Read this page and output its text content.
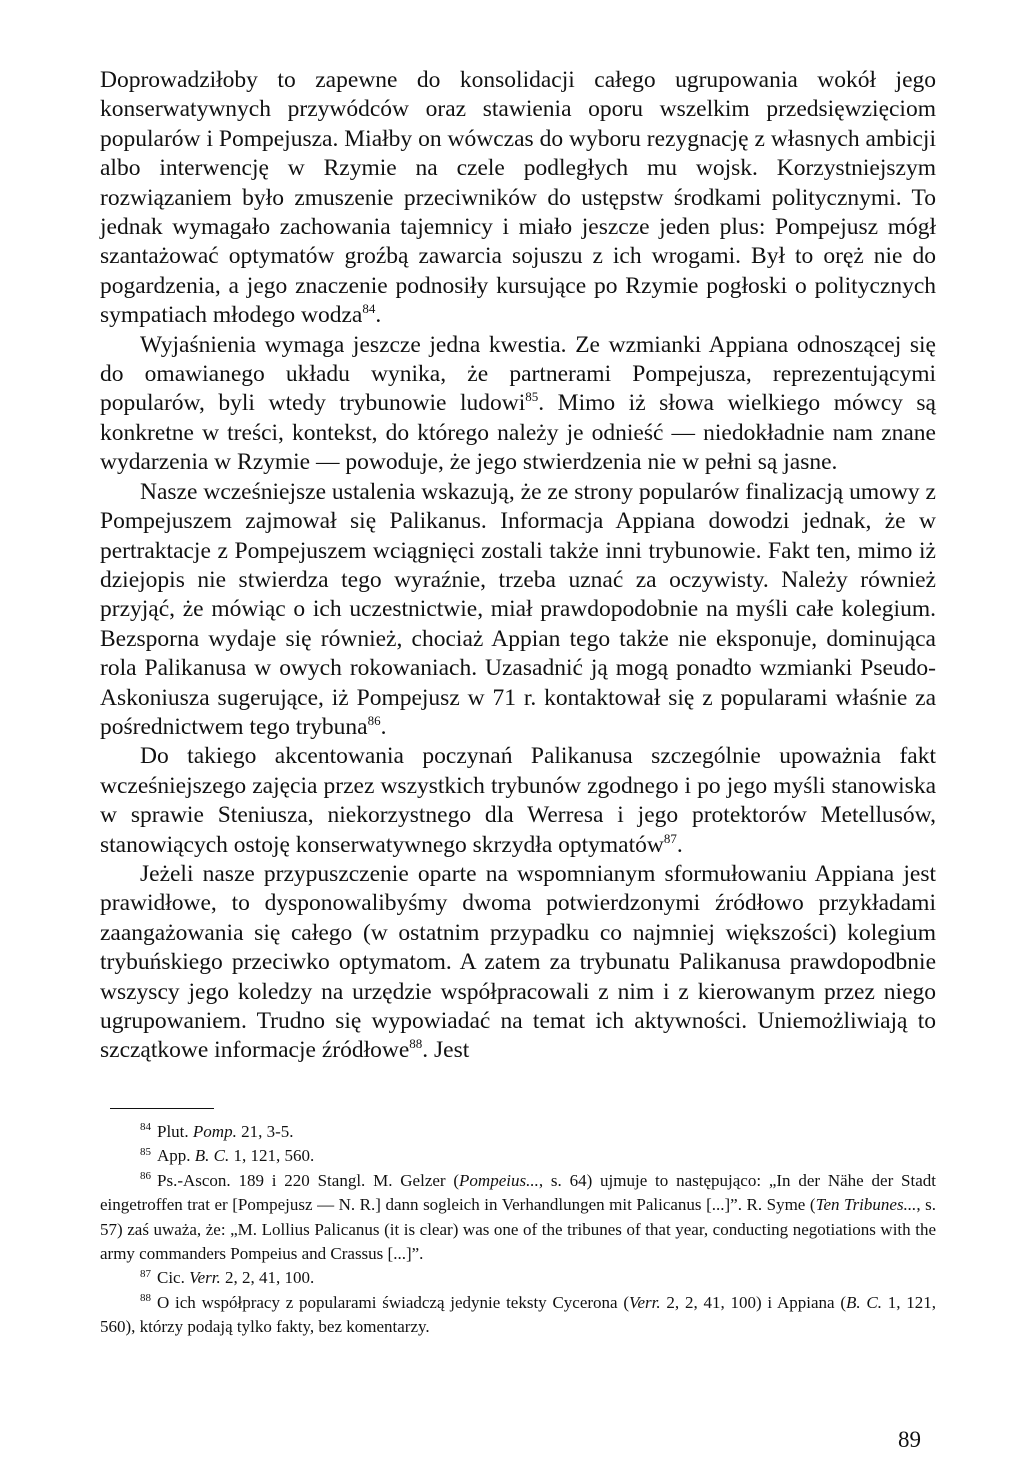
Doprowadziłoby to zapewne do konsolidacji całego ugrupowania wokół jego konserwatywnych przywódców oraz stawienia oporu wszelkim przedsięwzięciom popularów i Pompejusza. Miałby on wówczas do wyboru rezygnację z własnych ambicji albo interwencję w Rzymie na czele podległych mu wojsk. Korzystniejszym rozwiązaniem było zmuszenie przeciwników do ustępstw środkami politycznymi. To jednak wymagało zachowania tajemnicy i miało jeszcze jeden plus: Pompejusz mógł szantażować optymatów groźbą zawarcia sojuszu z ich wrogami. Był to oręż nie do pogardzenia, a jego znaczenie podnosiły kursujące po Rzymie pogłoski o politycznych sympatiach młodego wodza$^{84}$.

Wyjaśnienia wymaga jeszcze jedna kwestia. Ze wzmianki Appiana odnoszącej się do omawianego układu wynika, że partnerami Pompejusza, reprezentującymi popularów, byli wtedy trybunowie ludowi$^{85}$. Mimo iż słowa wielkiego mówcy są konkretne w treści, kontekst, do którego należy je odnieść — niedokładnie nam znane wydarzenia w Rzymie — powoduje, że jego stwierdzenia nie w pełni są jasne.

Nasze wcześniejsze ustalenia wskazują, że ze strony popularów finalizacją umowy z Pompejuszem zajmował się Palikanus. Informacja Appiana dowodzi jednak, że w pertraktacje z Pompejuszem wciągnięci zostali także inni trybunowie. Fakt ten, mimo iż dziejopis nie stwierdza tego wyraźnie, trzeba uznać za oczywisty. Należy również przyjąć, że mówiąc o ich uczestnictwie, miał prawdopodobnie na myśli całe kolegium. Bezsporna wydaje się również, chociaż Appian tego także nie eksponuje, dominująca rola Palikanusa w owych rokowaniach. Uzasadnić ją mogą ponadto wzmianki Pseudo-Askoniusza sugerujące, iż Pompejusz w 71 r. kontaktował się z popularami właśnie za pośrednictwem tego trybuna$^{86}$.

Do takiego akcentowania poczynań Palikanusa szczególnie upoważnia fakt wcześniejszego zajęcia przez wszystkich trybunów zgodnego i po jego myśli stanowiska w sprawie Steniusza, niekorzystnego dla Werresa i jego protektorów Metellusów, stanowiących ostoję konserwatywnego skrzydła optymatów$^{87}$.

Jeżeli nasze przypuszczenie oparte na wspomnianym sformułowaniu Appiana jest prawidłowe, to dysponowalibyśmy dwoma potwierdzonymi źródłowo przykładami zaangażowania się całego (w ostatnim przypadku co najmniej większości) kolegium trybuńskiego przeciwko optymatom. A zatem za trybunatu Palikanusa prawdopodbnie wszyscy jego koledzy na urzędzie współpracowali z nim i z kierowanym przez niego ugrupowaniem. Trudno się wypowiadać na temat ich aktywności. Uniemożliwiają to szczątkowe informacje źródłowe$^{88}$. Jest

$^{84}$ Plut. Pomp. 21, 3-5.

$^{85}$ App. B. C. 1, 121, 560.

$^{86}$ Ps.-Ascon. 189 i 220 Stangl. M. Gelzer (Pompeius..., s. 64) ujmuje to następująco: „In der Nähe der Stadt eingetroffen trat er [Pompejusz — N. R.] dann sogleich in Verhandlungen mit Palicanus [...]”. R. Syme (Ten Tribunes..., s. 57) zaś uważa, że: „M. Lollius Palicanus (it is clear) was one of the tribunes of that year, conducting negotiations with the army commanders Pompeius and Crassus [...]”.

$^{87}$ Cic. Verr. 2, 2, 41, 100.

$^{88}$ O ich współpracy z popularami świadczą jedynie teksty Cycerona (Verr. 2, 2, 41, 100) i Appiana (B. C. 1, 121, 560), którzy podają tylko fakty, bez komentarzy.

89
